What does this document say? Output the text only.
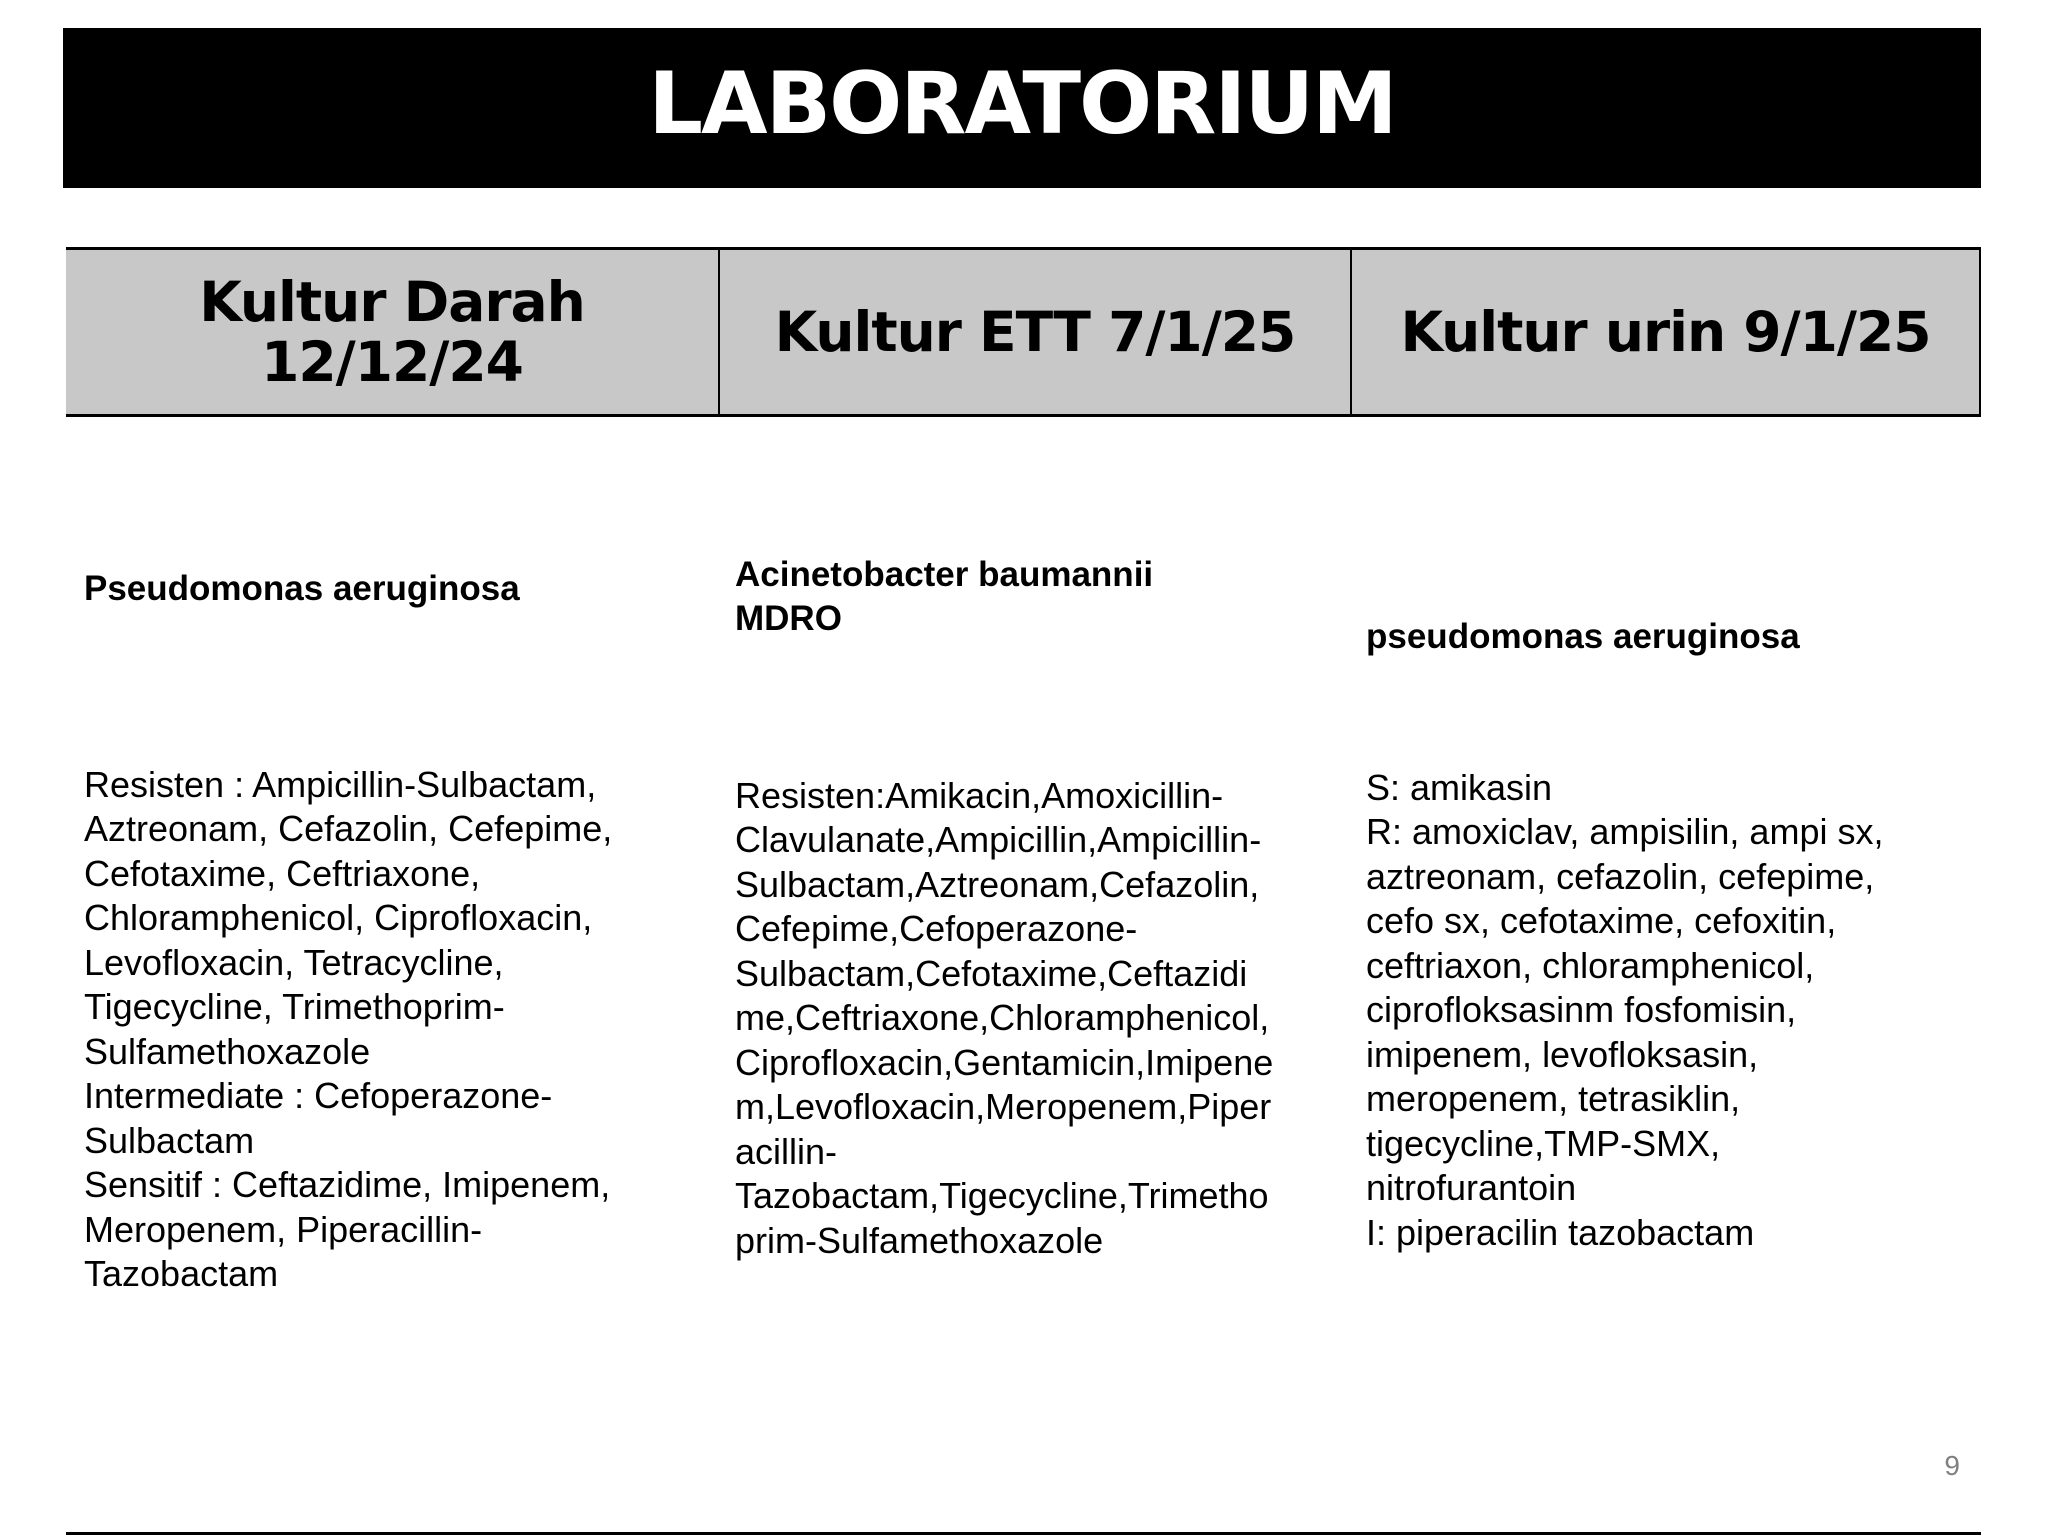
LABORATORIUM
Kultur Darah
12/12/24	Kultur ETT 7/1/25	Kultur urin 9/1/25

Pseudomonas aeruginosa

Resisten : Ampicillin-Sulbactam,
Aztreonam, Cefazolin, Cefepime,
Cefotaxime, Ceftriaxone,
Chloramphenicol, Ciprofloxacin,
Levofloxacin, Tetracycline,
Tigecycline, Trimethoprim-
Sulfamethoxazole
Intermediate : Cefoperazone-
Sulbactam
Sensitif : Ceftazidime, Imipenem,
Meropenem, Piperacillin-
Tazobactam

Acinetobacter baumannii
MDRO

Resisten:Amikacin,Amoxicillin-
Clavulanate,Ampicillin,Ampicillin-
Sulbactam,Aztreonam,Cefazolin,
Cefepime,Cefoperazone-
Sulbactam,Cefotaxime,Ceftazidi
me,Ceftriaxone,Chloramphenicol,
Ciprofloxacin,Gentamicin,Imipene
m,Levofloxacin,Meropenem,Piper
acillin-
Tazobactam,Tigecycline,Trimetho
prim-Sulfamethoxazole

pseudomonas aeruginosa

S: amikasin
R: amoxiclav, ampisilin, ampi sx,
aztreonam, cefazolin, cefepime,
cefo sx, cefotaxime, cefoxitin,
ceftriaxon, chloramphenicol,
ciprofloksasinm fosfomisin,
imipenem, levofloksasin,
meropenem, tetrasiklin,
tigecycline,TMP-SMX,
nitrofurantoin
I: piperacilin tazobactam

9
